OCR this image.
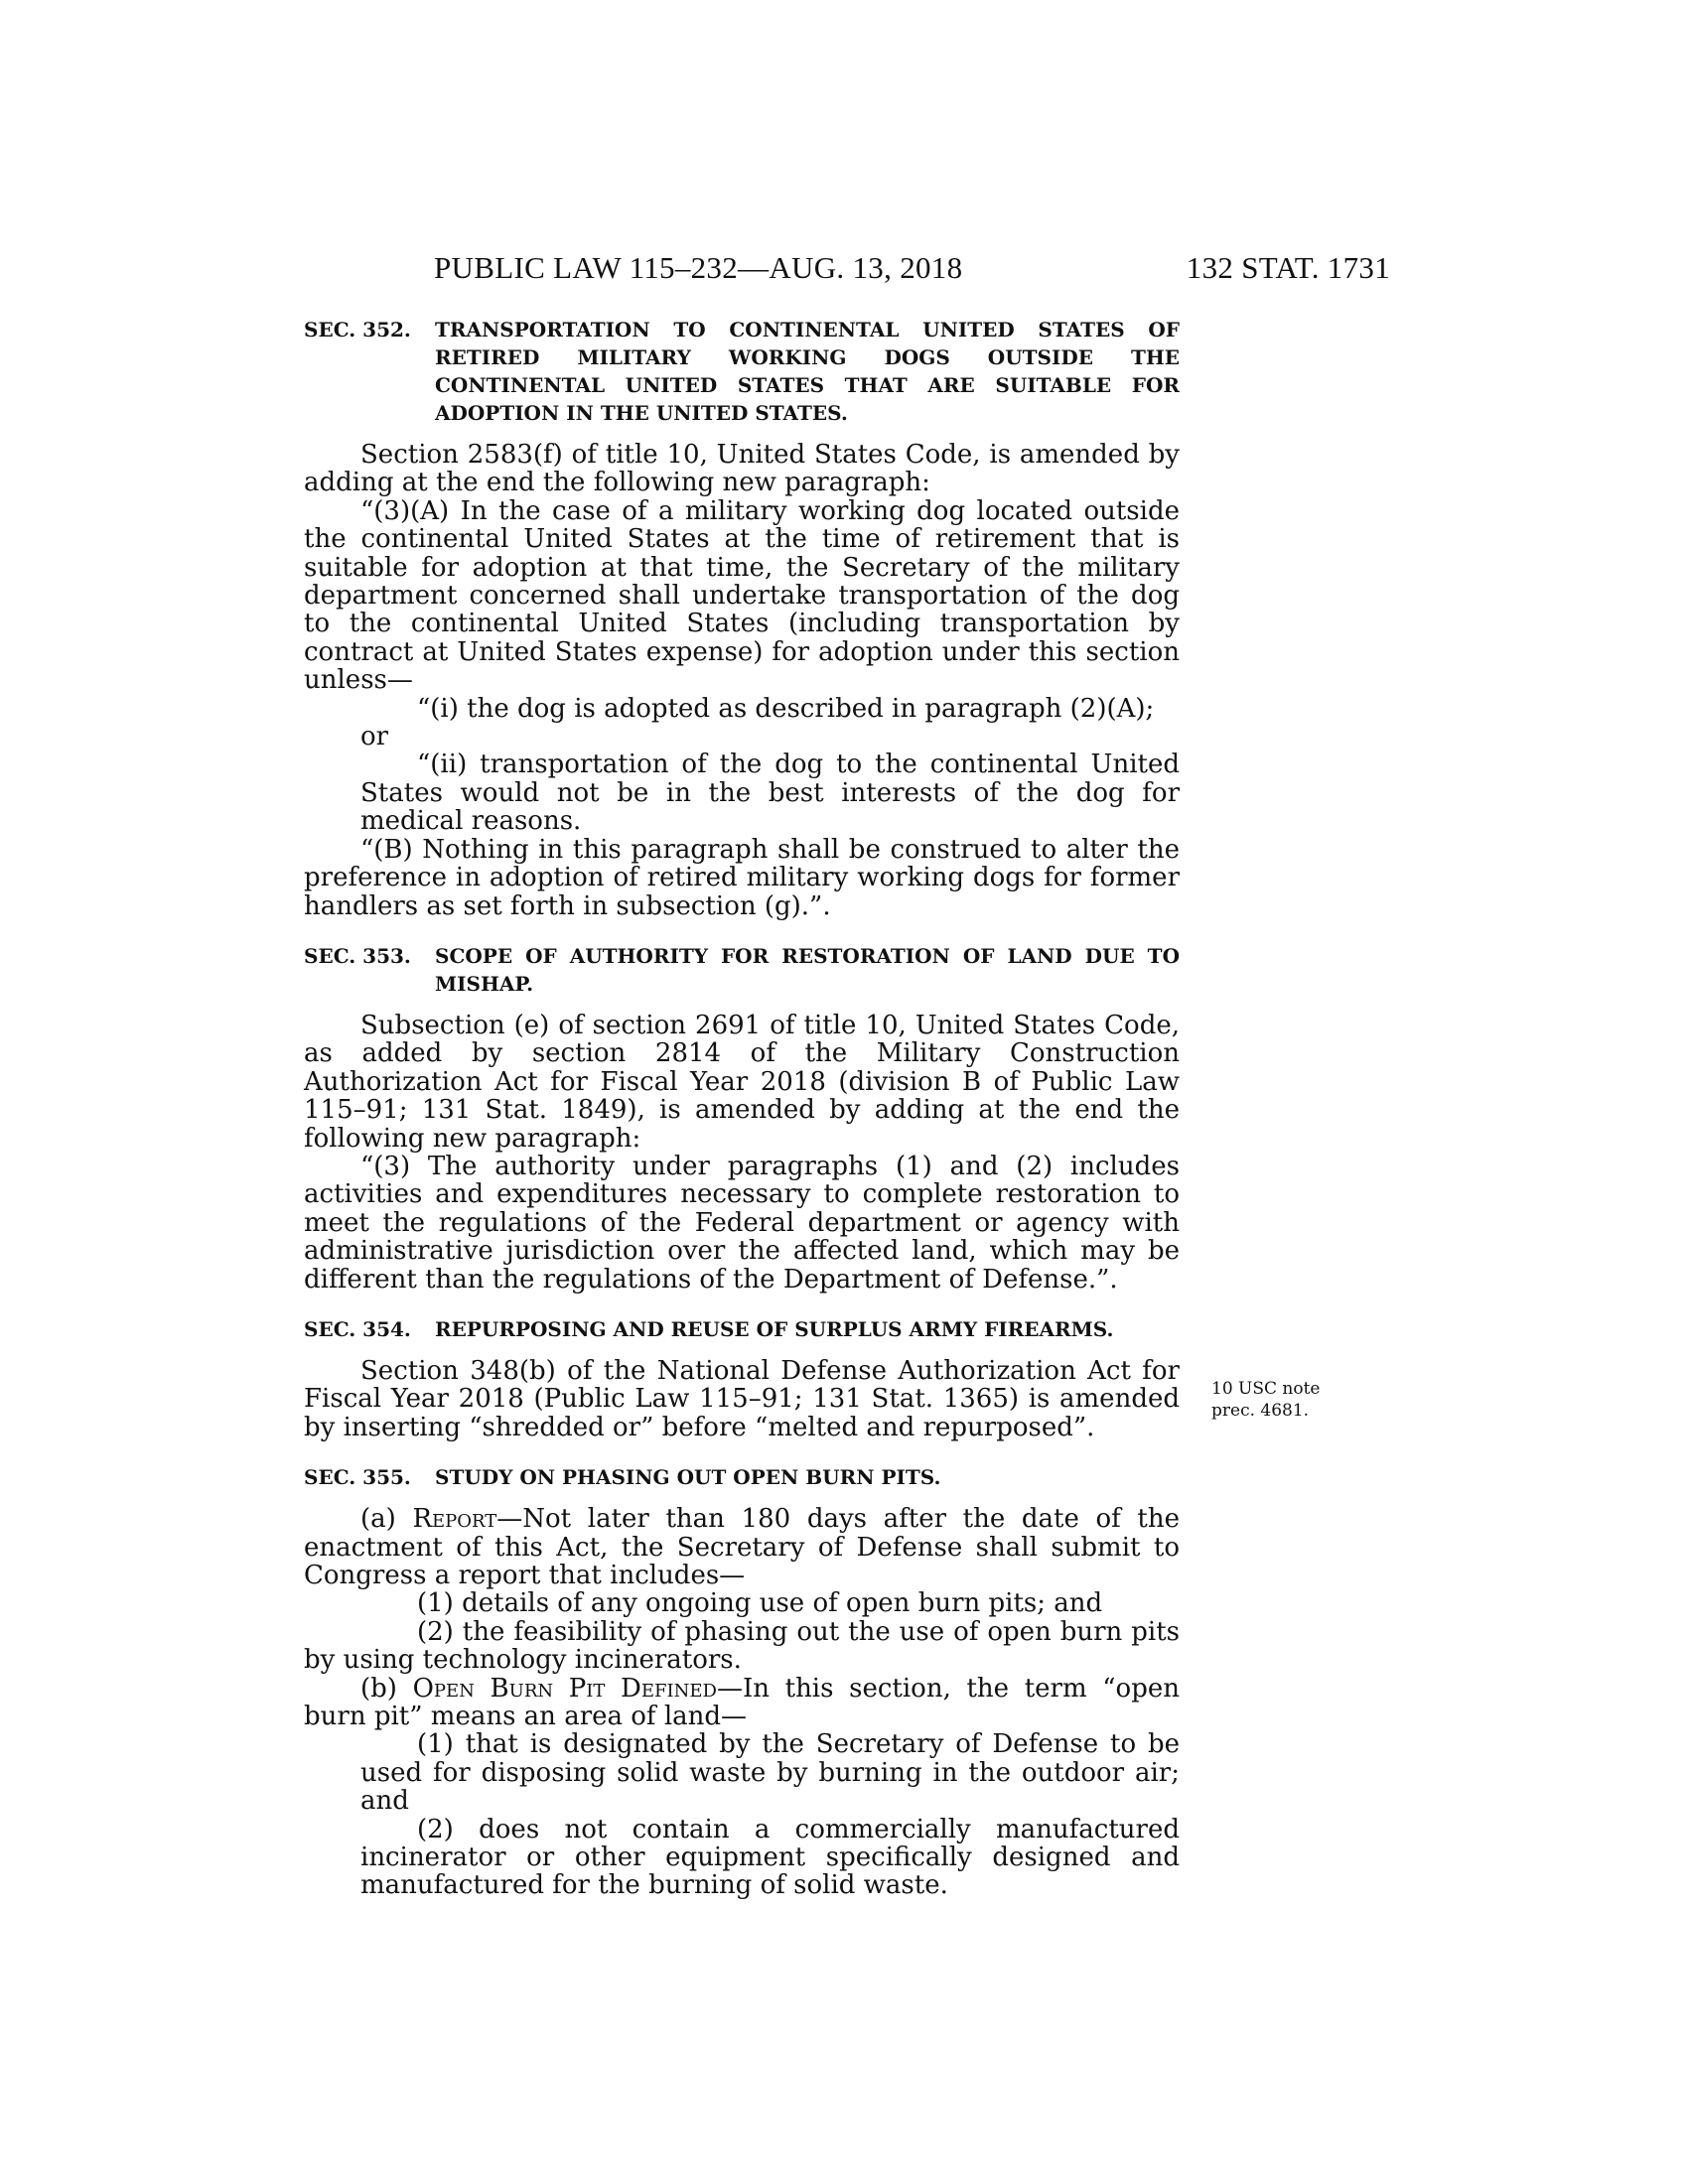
PUBLIC LAW 115–232—AUG. 13, 2018	132 STAT. 1731
SEC. 352.	TRANSPORTATION TO CONTINENTAL UNITED STATES OF RETIRED MILITARY WORKING DOGS OUTSIDE THE CONTINENTAL UNITED STATES THAT ARE SUITABLE FOR ADOPTION IN THE UNITED STATES.

Section 2583(f) of title 10, United States Code, is amended by adding at the end the following new paragraph:

“(3)(A) In the case of a military working dog located outside the continental United States at the time of retirement that is suitable for adoption at that time, the Secretary of the military department concerned shall undertake transportation of the dog to the continental United States (including transportation by contract at United States expense) for adoption under this section unless—

“(i) the dog is adopted as described in paragraph (2)(A);

or

“(ii) transportation of the dog to the continental United States would not be in the best interests of the dog for medical reasons.

“(B) Nothing in this paragraph shall be construed to alter the preference in adoption of retired military working dogs for former handlers as set forth in subsection (g).”.

SEC. 353.	SCOPE OF AUTHORITY FOR RESTORATION OF LAND DUE TO MISHAP.

Subsection (e) of section 2691 of title 10, United States Code, as added by section 2814 of the Military Construction Authorization Act for Fiscal Year 2018 (division B of Public Law 115–91; 131 Stat. 1849), is amended by adding at the end the following new paragraph:

“(3) The authority under paragraphs (1) and (2) includes activities and expenditures necessary to complete restoration to meet the regulations of the Federal department or agency with administrative jurisdiction over the affected land, which may be different than the regulations of the Department of Defense.”.

SEC. 354.	REPURPOSING AND REUSE OF SURPLUS ARMY FIREARMS.

Section 348(b) of the National Defense Authorization Act for Fiscal Year 2018 (Public Law 115–91; 131 Stat. 1365) is amended by inserting “shredded or” before “melted and repurposed”.

SEC. 355.	STUDY ON PHASING OUT OPEN BURN PITS.

(a) Report—Not later than 180 days after the date of the enactment of this Act, the Secretary of Defense shall submit to Congress a report that includes—

(1) details of any ongoing use of open burn pits; and

(2) the feasibility of phasing out the use of open burn pits by using technology incinerators.

(b) Open Burn Pit Defined—In this section, the term “open burn pit” means an area of land—

(1) that is designated by the Secretary of Defense to be used for disposing solid waste by burning in the outdoor air; and

(2) does not contain a commercially manufactured incinerator or other equipment specifically designed and manufactured for the burning of solid waste.

10 USC note
prec. 4681.
